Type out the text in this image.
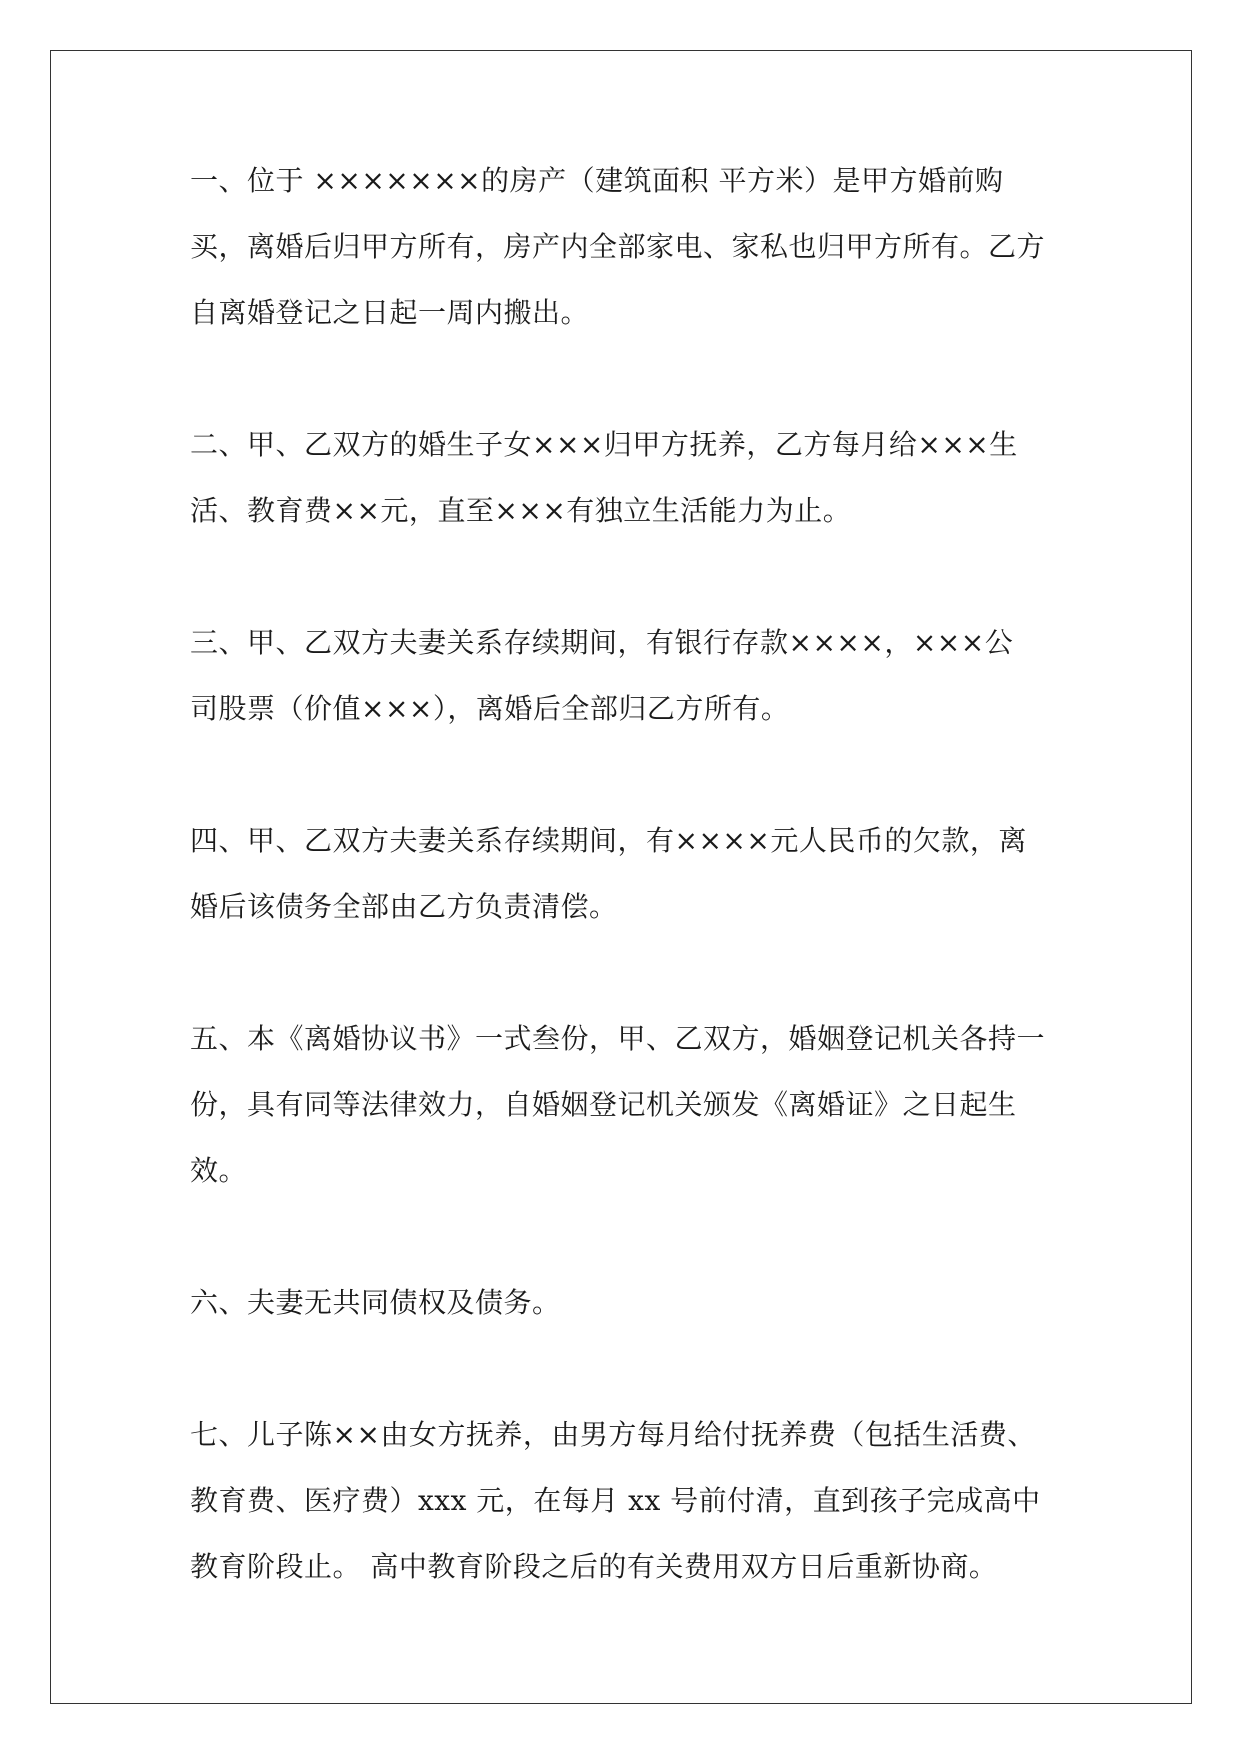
一、位于 ×××××××的房产（建筑面积 平方米）是甲方婚前购
买，离婚后归甲方所有，房产内全部家电、家私也归甲方所有。乙方
自离婚登记之日起一周内搬出。
二、甲、乙双方的婚生子女×××归甲方抚养，乙方每月给×××生
活、教育费××元，直至×××有独立生活能力为止。
三、甲、乙双方夫妻关系存续期间，有银行存款××××，×××公
司股票（价值×××），离婚后全部归乙方所有。
四、甲、乙双方夫妻关系存续期间，有××××元人民币的欠款，离
婚后该债务全部由乙方负责清偿。
五、本《离婚协议书》一式叁份，甲、乙双方，婚姻登记机关各持一
份，具有同等法律效力，自婚姻登记机关颁发《离婚证》之日起生效。
六、夫妻无共同债权及债务。
七、儿子陈××由女方抚养，由男方每月给付抚养费（包括生活费、
教育费、医疗费）xxx 元，在每月 xx 号前付清，直到孩子完成高中
教育阶段止。 高中教育阶段之后的有关费用双方日后重新协商。
